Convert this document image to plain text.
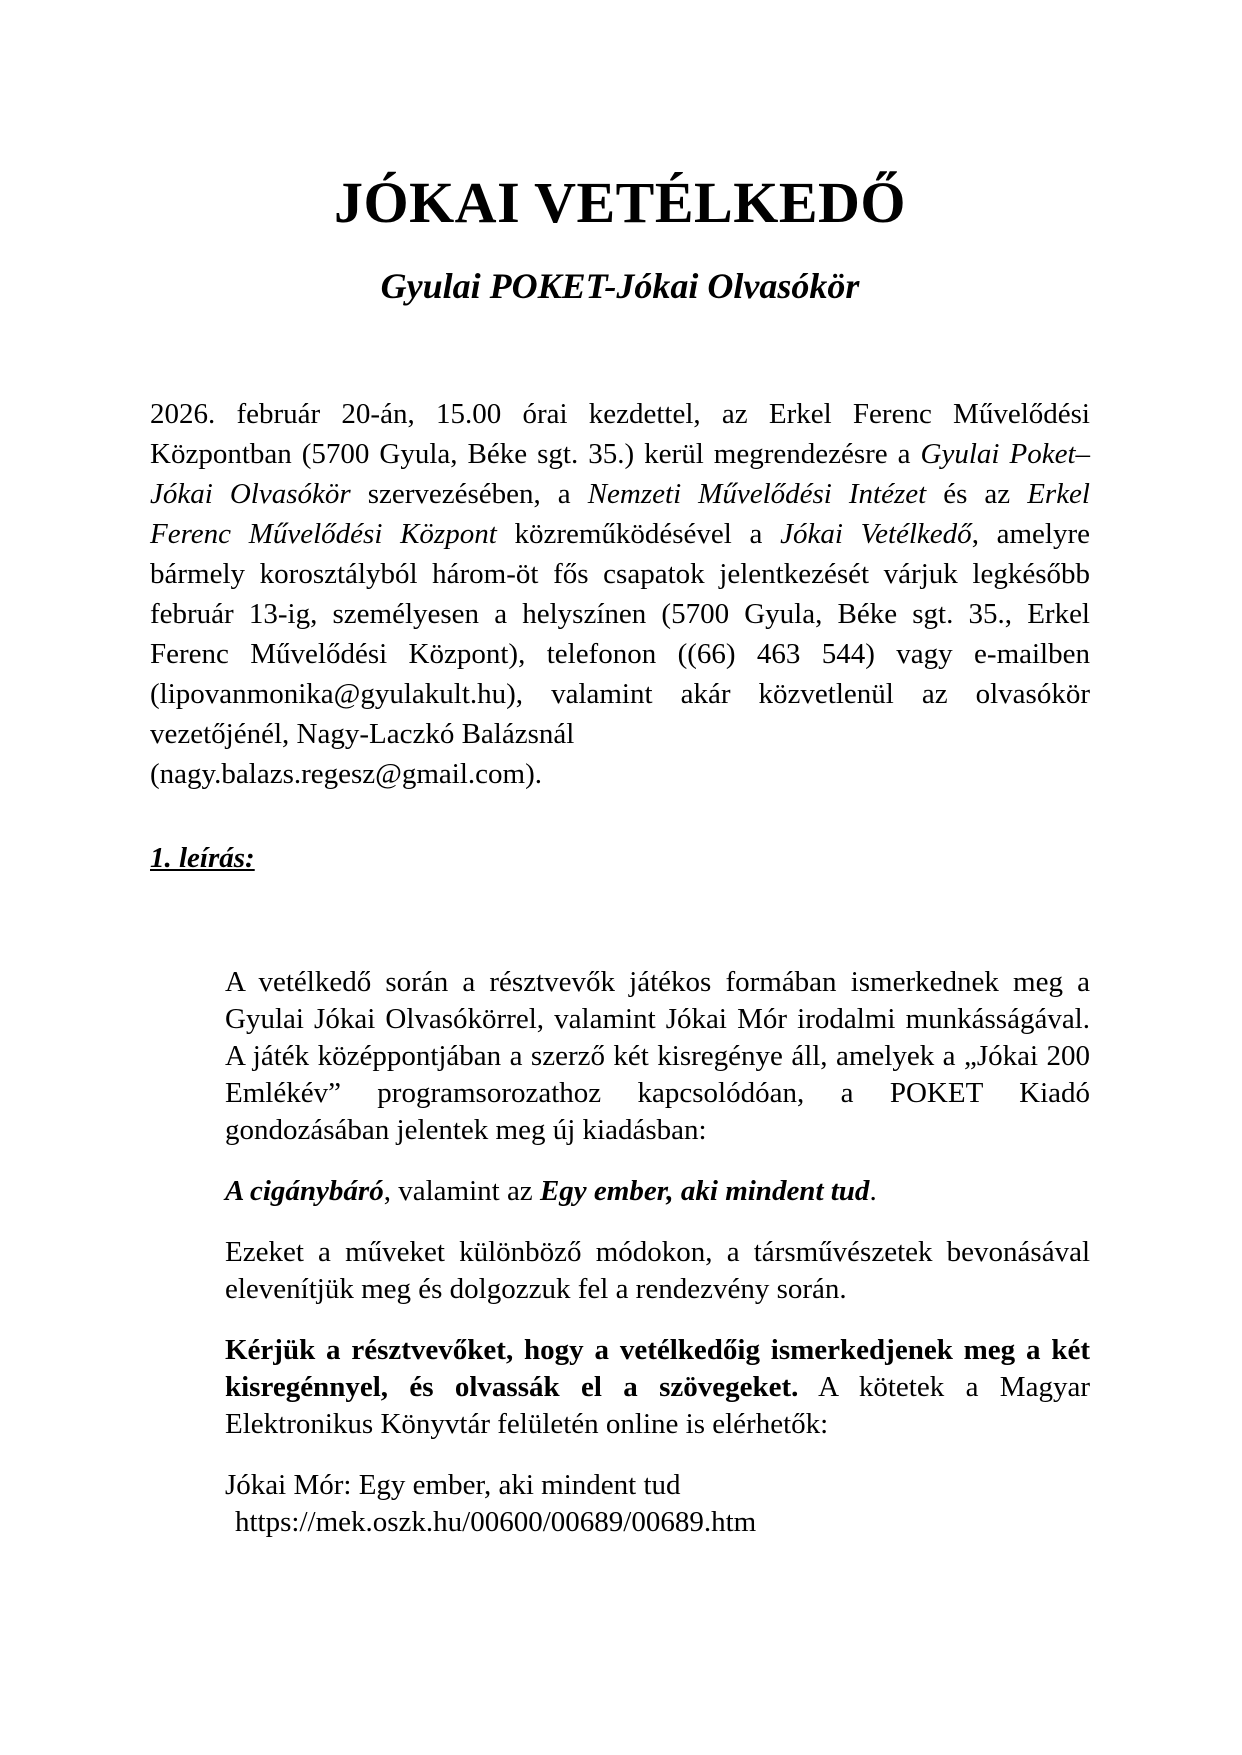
JÓKAI VETÉLKEDŐ
Gyulai POKET-Jókai Olvasókör

2026. február 20-án, 15.00 órai kezdettel, az Erkel Ferenc Művelődési Központban (5700 Gyula, Béke sgt. 35.) kerül megrendezésre a Gyulai Poket–Jókai Olvasókör szervezésében, a Nemzeti Művelődési Intézet és az Erkel Ferenc Művelődési Központ közreműködésével a Jókai Vetélkedő, amelyre bármely korosztályból három-öt fős csapatok jelentkezését várjuk legkésőbb február 13-ig, személyesen a helyszínen (5700 Gyula, Béke sgt. 35., Erkel Ferenc Művelődési Központ), telefonon ((66) 463 544) vagy e-mailben (lipovanmonika@gyulakult.hu), valamint akár közvetlenül az olvasókör vezetőjénél, Nagy-Laczkó Balázsnál
(nagy.balazs.regesz@gmail.com).

1. leírás:

A vetélkedő során a résztvevők játékos formában ismerkednek meg a Gyulai Jókai Olvasókörrel, valamint Jókai Mór irodalmi munkásságával. A játék középpontjában a szerző két kisregénye áll, amelyek a „Jókai 200 Emlékév” programsorozathoz kapcsolódóan, a POKET Kiadó gondozásában jelentek meg új kiadásban:

A cigánybáró, valamint az Egy ember, aki mindent tud.

Ezeket a műveket különböző módokon, a társművészetek bevonásával elevenítjük meg és dolgozzuk fel a rendezvény során.

Kérjük a résztvevőket, hogy a vetélkedőig ismerkedjenek meg a két kisregénnyel, és olvassák el a szövegeket. A kötetek a Magyar Elektronikus Könyvtár felületén online is elérhetők:

Jókai Mór: Egy ember, aki mindent tud
https://mek.oszk.hu/00600/00689/00689.htm
